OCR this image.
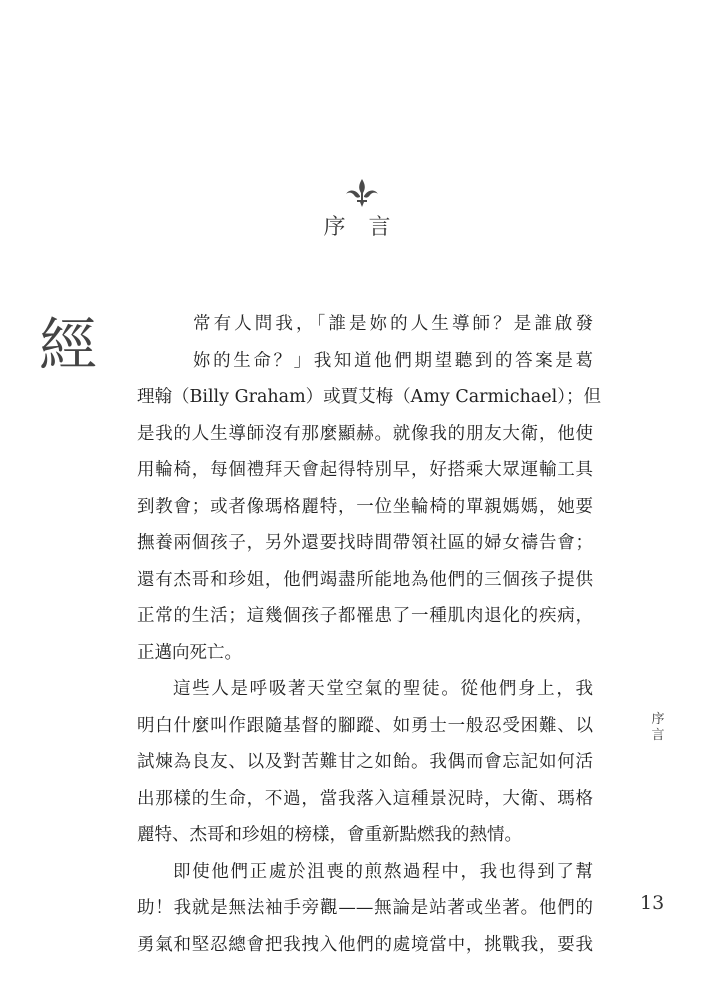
序 言
經	常有人問我，「誰是妳的人生導師？是誰啟發
妳的生命？」我知道他們期望聽到的答案是葛
理翰（Billy Graham）或賈艾梅（Amy Carmichael）；但
是我的人生導師沒有那麼顯赫。就像我的朋友大衛，他使
用輪椅，每個禮拜天會起得特別早，好搭乘大眾運輸工具
到教會；或者像瑪格麗特，一位坐輪椅的單親媽媽，她要
撫養兩個孩子，另外還要找時間帶領社區的婦女禱告會；
還有杰哥和珍姐，他們竭盡所能地為他們的三個孩子提供
正常的生活；這幾個孩子都罹患了一種肌肉退化的疾病，
正邁向死亡。
這些人是呼吸著天堂空氣的聖徒。從他們身上，我
明白什麼叫作跟隨基督的腳蹤、如勇士一般忍受困難、以
試煉為良友、以及對苦難甘之如飴。我偶而會忘記如何活
出那樣的生命，不過，當我落入這種景況時，大衛、瑪格
麗特、杰哥和珍姐的榜樣，會重新點燃我的熱情。
即使他們正處於沮喪的煎熬過程中，我也得到了幫
助！我就是無法袖手旁觀——無論是站著或坐著。他們的
勇氣和堅忍總會把我拽入他們的處境當中，挑戰我，要我
序
言
13
